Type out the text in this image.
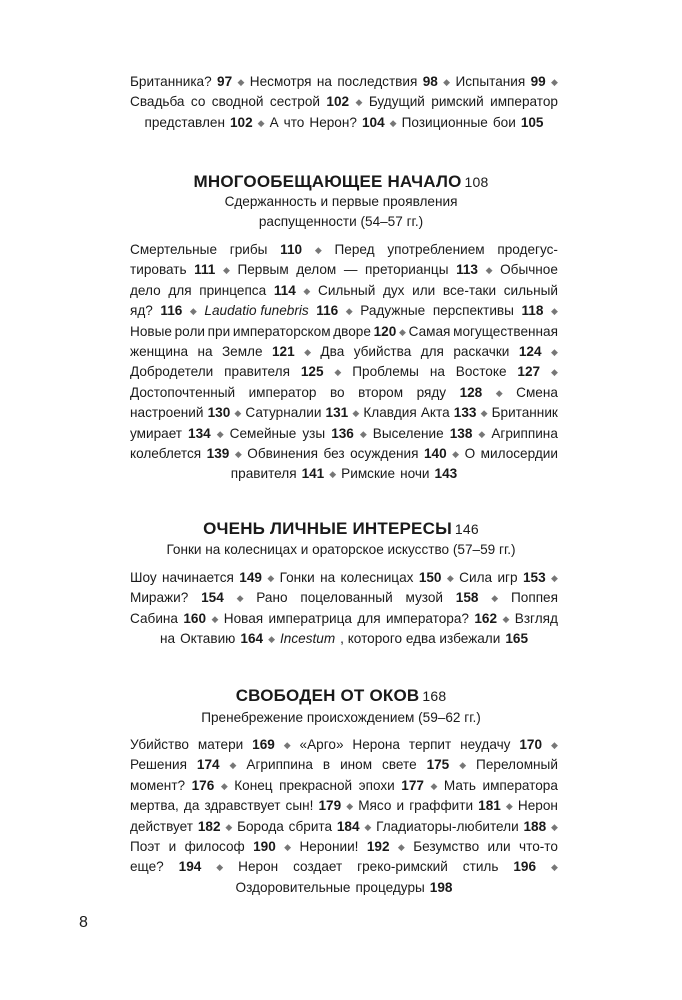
Британника? 97 ◆ Несмотря на последствия 98 ◆ Испытания 99 ◆
Свадьба со сводной сестрой 102 ◆ Будущий римский император
представлен 102 ◆ А что Нерон? 104 ◆ Позиционные бои 105
МНОГООБЕЩАЮЩЕЕ НАЧАЛО 108
Сдержанность и первые проявления
распущенности (54–57 гг.)
Смертельные грибы 110 ◆ Перед употреблением продегус-
тировать 111 ◆ Первым делом — преторианцы 113 ◆ Обычное
дело для принцепса 114 ◆ Сильный дух или все-таки сильный
яд? 116 ◆ Laudatio funebris 116 ◆ Радужные перспективы 118 ◆
Новые роли при императорском дворе 120 ◆ Самая могущественная
женщина на Земле 121 ◆ Два убийства для раскачки 124 ◆
Добродетели правителя 125 ◆ Проблемы на Востоке 127 ◆
Достопочтенный император во втором ряду 128 ◆ Смена
настроений 130 ◆ Сатурналии 131 ◆ Клавдия Акта 133 ◆ Британник
умирает 134 ◆ Семейные узы 136 ◆ Выселение 138 ◆ Агриппина
колеблется 139 ◆ Обвинения без осуждения 140 ◆ О милосердии
правителя 141 ◆ Римские ночи 143
ОЧЕНЬ ЛИЧНЫЕ ИНТЕРЕСЫ 146
Гонки на колесницах и ораторское искусство (57–59 гг.)
Шоу начинается 149 ◆ Гонки на колесницах 150 ◆ Сила игр 153 ◆
Миражи? 154 ◆ Рано поцелованный музой 158 ◆ Поппея
Сабина 160 ◆ Новая императрица для императора? 162 ◆ Взгляд
на Октавию 164 ◆ Incestum , которого едва избежали 165
СВОБОДЕН ОТ ОКОВ 168
Пренебрежение происхождением (59–62 гг.)
Убийство матери 169 ◆ «Арго» Нерона терпит неудачу 170 ◆
Решения 174 ◆ Агриппина в ином свете 175 ◆ Переломный
момент? 176 ◆ Конец прекрасной эпохи 177 ◆ Мать императора
мертва, да здравствует сын! 179 ◆ Мясо и граффити 181 ◆ Нерон
действует 182 ◆ Борода сбрита 184 ◆ Гладиаторы-любители 188 ◆
Поэт и философ 190 ◆ Неронии! 192 ◆ Безумство или что-то
еще? 194 ◆ Нерон создает греко-римский стиль 196 ◆
Оздоровительные процедуры 198
8
